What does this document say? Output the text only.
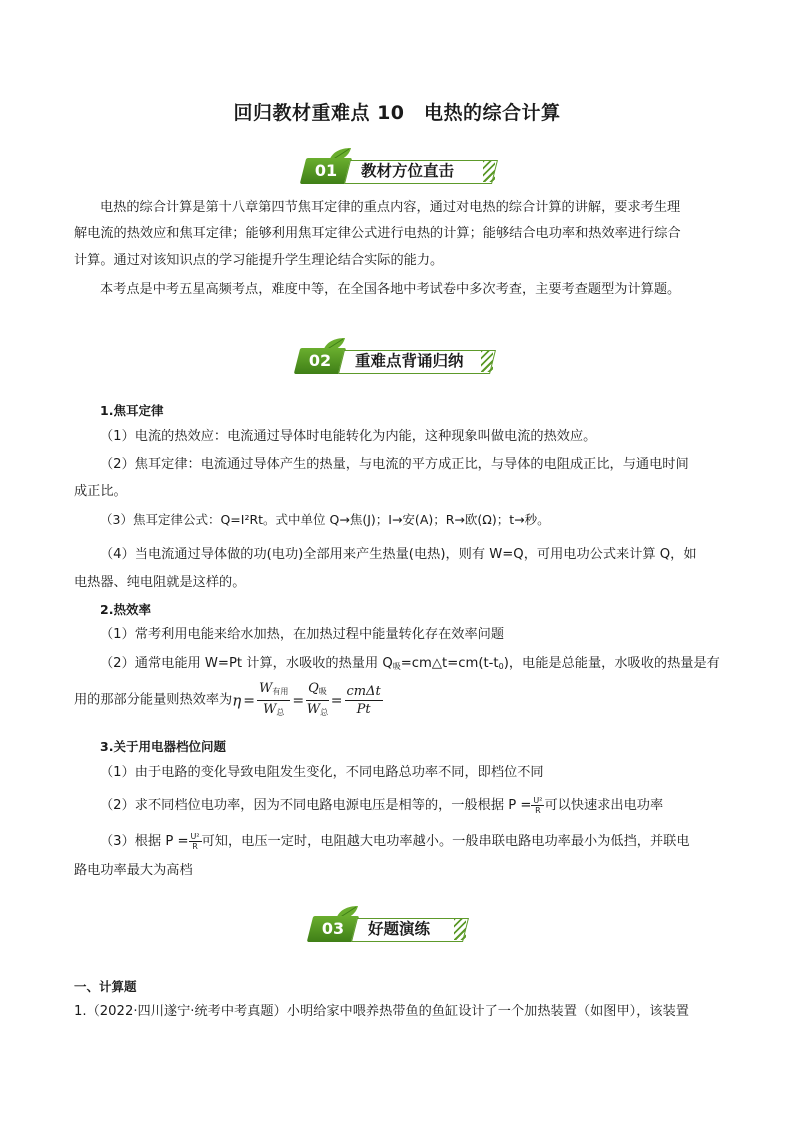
回归教材重难点 10　电热的综合计算
01	教材方位直击
电热的综合计算是第十八章第四节焦耳定律的重点内容，通过对电热的综合计算的讲解，要求考生理
解电流的热效应和焦耳定律；能够利用焦耳定律公式进行电热的计算；能够结合电功率和热效率进行综合
计算。通过对该知识点的学习能提升学生理论结合实际的能力。
本考点是中考五星高频考点，难度中等，在全国各地中考试卷中多次考查，主要考查题型为计算题。
02	重难点背诵归纳
1.焦耳定律
（1）电流的热效应：电流通过导体时电能转化为内能，这种现象叫做电流的热效应。
（2）焦耳定律：电流通过导体产生的热量，与电流的平方成正比，与导体的电阻成正比，与通电时间
成正比。
（3）焦耳定律公式：Q=I²Rt。式中单位 Q→焦(J)；I→安(A)；R→欧(Ω)；t→秒。
（4）当电流通过导体做的功(电功)全部用来产生热量(电热)，则有 W=Q，可用电功公式来计算 Q，如
电热器、纯电阻就是这样的。
2.热效率
（1）常考利用电能来给水加热，在加热过程中能量转化存在效率问题
（2）通常电能用 W=Pt 计算，水吸收的热量用 $Q_吸=cm\triangle t=cm(t-t_0)$，电能是总能量，水吸收的热量是有
用的那部分能量则热效率为$\eta = \frac{W_{有用}}{W_总} = \frac{Q_吸}{W_总} = \frac{\text{cmΔt}}{Pt}$
3.关于用电器档位问题
（1）由于电路的变化导致电阻发生变化，不同电路总功率不同，即档位不同
（2）求不同档位电功率，因为不同电路电源电压是相等的，一般根据 $P = \frac{\text{U²}}{R}$ 可以快速求出电功率
（3）根据 $P = \frac{\text{U²}}{R}$ 可知，电压一定时，电阻越大电功率越小。一般串联电路电功率最小为低挡，并联电
路电功率最大为高档
03	好题演练
一、计算题
1.（2022·四川遂宁·统考中考真题）小明给家中喂养热带鱼的鱼缸设计了一个加热装置（如图甲），该装置
